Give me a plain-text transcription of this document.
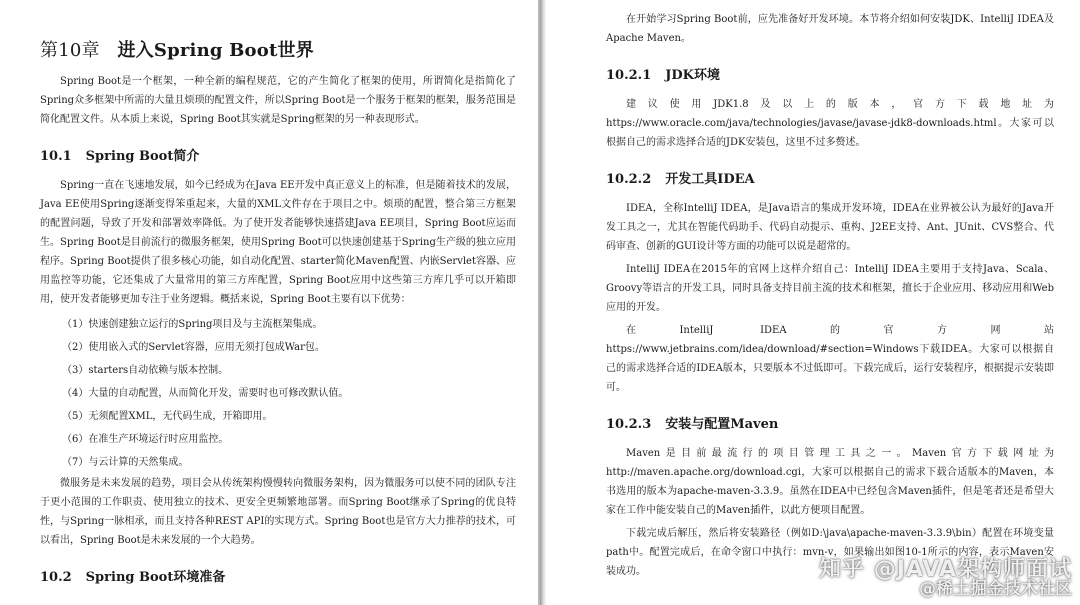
第10章 进入Spring Boot世界

Spring Boot是一个框架，一种全新的编程规范，它的产生简化了框架的使用，所谓简化是指简化了Spring众多框架中所需的大量且烦琐的配置文件，所以Spring Boot是一个服务于框架的框架，服务范围是简化配置文件。从本质上来说，Spring Boot其实就是Spring框架的另一种表现形式。

10.1 Spring Boot简介

Spring一直在飞速地发展，如今已经成为在Java EE开发中真正意义上的标准，但是随着技术的发展，Java EE使用Spring逐渐变得笨重起来，大量的XML文件存在于项目之中。烦琐的配置，整合第三方框架的配置问题，导致了开发和部署效率降低。为了使开发者能够快速搭建Java EE项目，Spring Boot应运而生。Spring Boot是目前流行的微服务框架，使用Spring Boot可以快速创建基于Spring生产级的独立应用程序。Spring Boot提供了很多核心功能，如自动化配置、starter简化Maven配置、内嵌Servlet容器、应用监控等功能，它还集成了大量常用的第三方库配置，Spring Boot应用中这些第三方库几乎可以开箱即用，使开发者能够更加专注于业务逻辑。概括来说，Spring Boot主要有以下优势：

（1）快速创建独立运行的Spring项目及与主流框架集成。

（2）使用嵌入式的Servlet容器，应用无须打包成War包。

（3）starters自动依赖与版本控制。

（4）大量的自动配置，从而简化开发，需要时也可修改默认值。

（5）无须配置XML，无代码生成，开箱即用。

（6）在准生产环境运行时应用监控。

（7）与云计算的天然集成。

微服务是未来发展的趋势，项目会从传统架构慢慢转向微服务架构，因为微服务可以使不同的团队专注于更小范围的工作职责、使用独立的技术、更安全更频繁地部署。而Spring Boot继承了Spring的优良特性，与Spring一脉相承，而且支持各种REST API的实现方式。Spring Boot也是官方大力推荐的技术，可以看出，Spring Boot是未来发展的一个大趋势。

10.2 Spring Boot环境准备

在开始学习Spring Boot前，应先准备好开发环境。本节将介绍如何安装JDK、IntelliJ IDEA及Apache Maven。

10.2.1 JDK环境

建议使用JDK1.8及以上的版本，官方下载地址为https://www.oracle.com/java/technologies/javase/javase-jdk8-downloads.html。大家可以根据自己的需求选择合适的JDK安装包，这里不过多赘述。

10.2.2 开发工具IDEA

IDEA，全称IntelliJ IDEA，是Java语言的集成开发环境，IDEA在业界被公认为最好的Java开发工具之一，尤其在智能代码助手、代码自动提示、重构、J2EE支持、Ant、JUnit、CVS整合、代码审查、创新的GUI设计等方面的功能可以说是超常的。

IntelliJ IDEA在2015年的官网上这样介绍自己：IntelliJ IDEA主要用于支持Java、Scala、Groovy等语言的开发工具，同时具备支持目前主流的技术和框架，擅长于企业应用、移动应用和Web应用的开发。

在IntelliJ IDEA的官方网站https://www.jetbrains.com/idea/download/#section=Windows下载IDEA。大家可以根据自己的需求选择合适的IDEA版本，只要版本不过低即可。下载完成后，运行安装程序，根据提示安装即可。

10.2.3 安装与配置Maven

Maven是目前最流行的项目管理工具之一。Maven官方下载网址为http://maven.apache.org/download.cgi，大家可以根据自己的需求下载合适版本的Maven，本书选用的版本为apache-maven-3.3.9。虽然在IDEA中已经包含Maven插件，但是笔者还是希望大家在工作中能安装自己的Maven插件，以此方便项目配置。

下载完成后解压，然后将安装路径（例如D:\java\apache-maven-3.3.9\bin）配置在环境变量path中。配置完成后，在命令窗口中执行：mvn-v，如果输出如图10-1所示的内容，表示Maven安装成功。	知乎 @JAVA架构师面试
@稀土掘金技术社区
